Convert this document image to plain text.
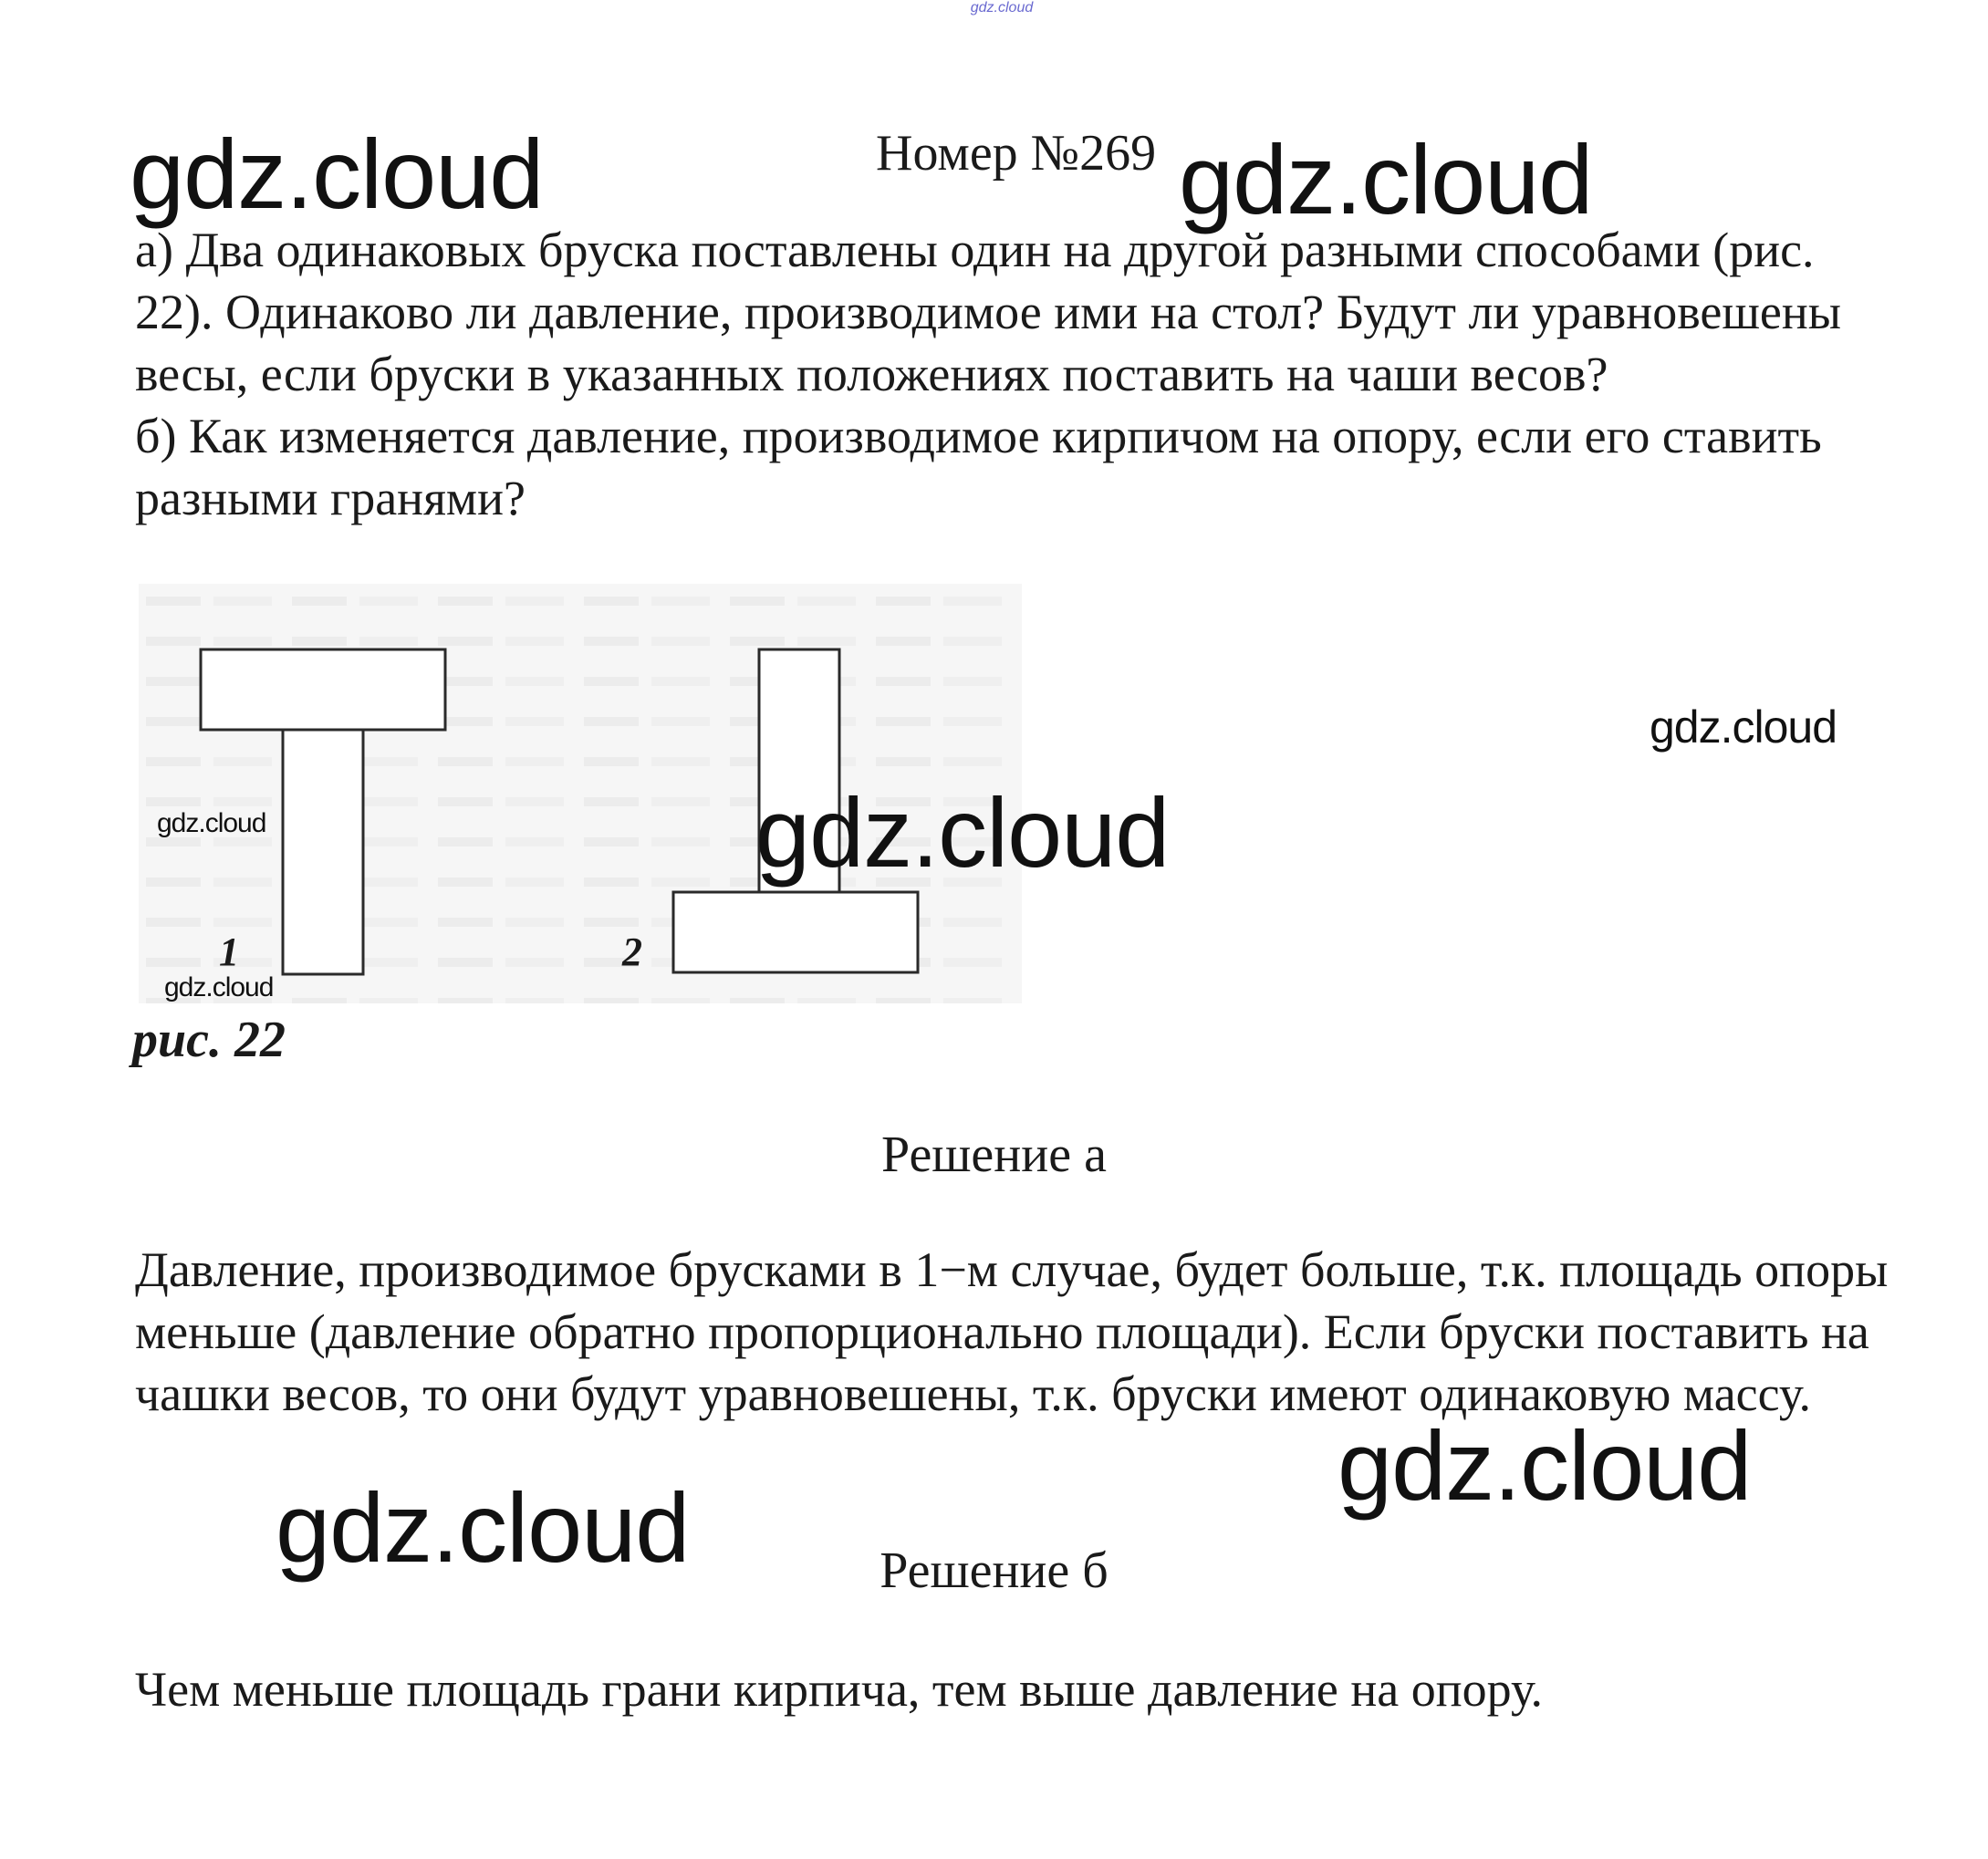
gdz.cloud
gdz.cloud	Номер №269 gdz.cloud

а) Два одинаковых бруска поставлены один на другой разными способами (рис. 22). Одинаково ли давление, производимое ими на стол? Будут ли уравновешены весы, если бруски в указанных положениях поставить на чаши весов?

б) Как изменяется давление, производимое кирпичом на опору, если его ставить разными гранями?

1	2
gdz.cloud
gdz.cloud
gdz.cloud
gdz.cloud
рис. 22
Решение а

Давление, производимое брусками в 1−м случае, будет больше, т.к. площадь опоры меньше (давление обратно пропорционально площади). Если бруски поставить на чашки весов, то они будут уравновешены, т.к. бруски имеют одинаковую массу.

gdz.cloud
gdz.cloud	Решение б

Чем меньше площадь грани кирпича, тем выше давление на опору.
